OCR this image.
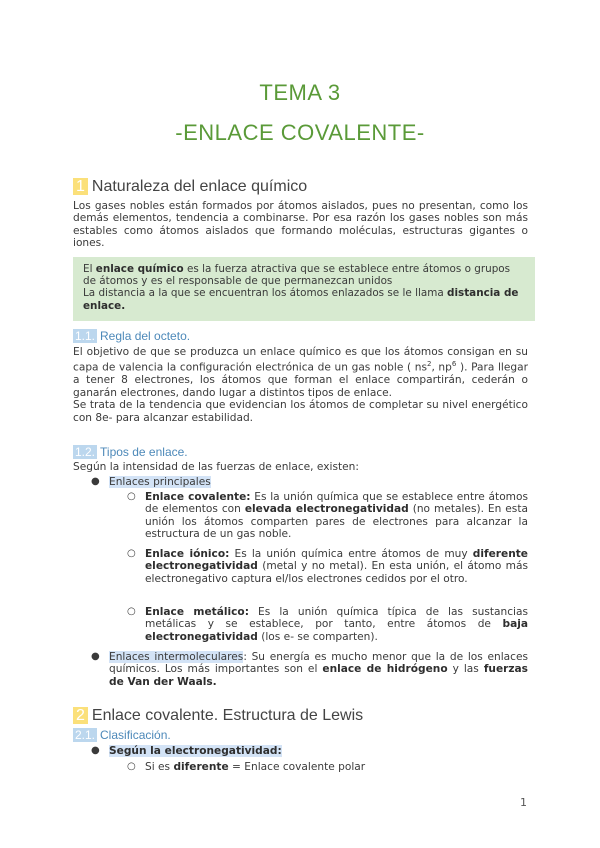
TEMA 3
-ENLACE COVALENTE-
1 Naturaleza del enlace químico
Los gases nobles están formados por átomos aislados, pues no presentan, como los demás elementos, tendencia a combinarse. Por esa razón los gases nobles son más estables como átomos aislados que formando moléculas, estructuras gigantes o iones.
El enlace químico es la fuerza atractiva que se establece entre átomos o grupos de átomos y es el responsable de que permanezcan unidos
La distancia a la que se encuentran los átomos enlazados se le llama distancia de enlace.
1.1. Regla del octeto.
El objetivo de que se produzca un enlace químico es que los átomos consigan en su capa de valencia la configuración electrónica de un gas noble ( $ns^2$, $np^6$ ). Para llegar a tener 8 electrones, los átomos que forman el enlace compartirán, cederán o ganarán electrones, dando lugar a distintos tipos de enlace.
Se trata de la tendencia que evidencian los átomos de completar su nivel energético con 8e- para alcanzar estabilidad.
1.2. Tipos de enlace.
Según la intensidad de las fuerzas de enlace, existen:
● Enlaces principales
○ Enlace covalente: Es la unión química que se establece entre átomos de elementos con elevada electronegatividad (no metales). En esta unión los átomos comparten pares de electrones para alcanzar la estructura de un gas noble.
○ Enlace iónico: Es la unión química entre átomos de muy diferente electronegatividad (metal y no metal). En esta unión, el átomo más electronegativo captura el/los electrones cedidos por el otro.
○ Enlace metálico: Es la unión química típica de las sustancias metálicas y se establece, por tanto, entre átomos de baja electronegatividad (los e- se comparten).
● Enlaces intermoleculares: Su energía es mucho menor que la de los enlaces químicos. Los más importantes son el enlace de hidrógeno y las fuerzas de Van der Waals.
2 Enlace covalente. Estructura de Lewis
2.1. Clasificación.
● Según la electronegatividad:
○ Si es diferente = Enlace covalente polar
1
